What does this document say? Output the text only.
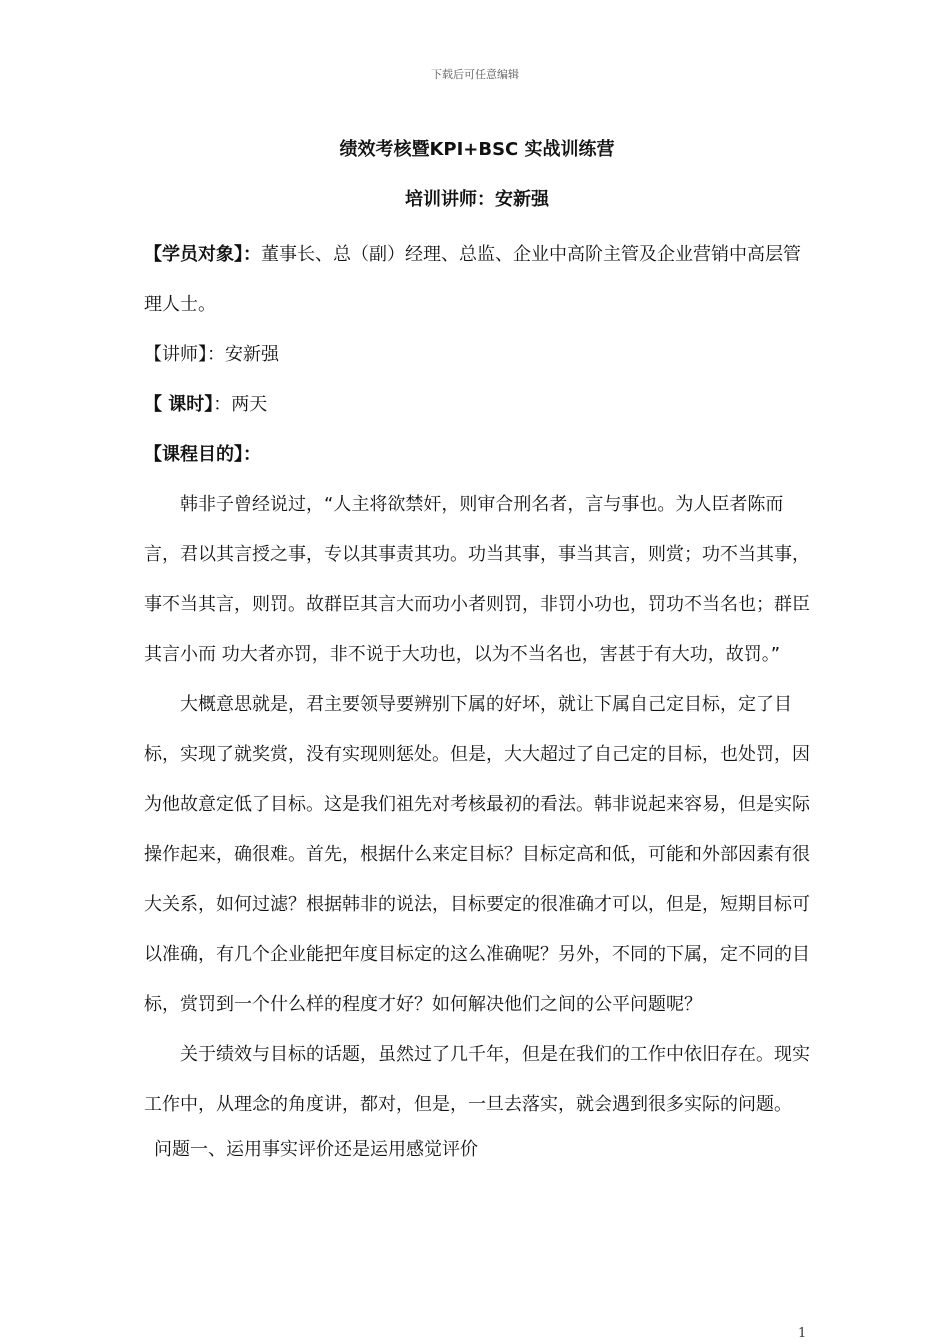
下载后可任意编辑
绩效考核暨KPI+BSC 实战训练营
培训讲师：安新强

【学员对象】：董事长、总（副）经理、总监、企业中高阶主管及企业营销中高层管理人士。

【讲师】：安新强

【 课时】：两天

【课程目的】：

韩非子曾经说过，“人主将欲禁奸，则审合刑名者，言与事也。为人臣者陈而言，君以其言授之事，专以其事责其功。功当其事，事当其言，则赏；功不当其事，事不当其言，则罚。故群臣其言大而功小者则罚，非罚小功也，罚功不当名也；群臣其言小而 功大者亦罚，非不说于大功也，以为不当名也，害甚于有大功，故罚。”

大概意思就是，君主要领导要辨别下属的好坏，就让下属自己定目标，定了目标，实现了就奖赏，没有实现则惩处。但是，大大超过了自己定的目标，也处罚，因为他故意定低了目标。这是我们祖先对考核最初的看法。韩非说起来容易，但是实际操作起来，确很难。首先，根据什么来定目标？目标定高和低，可能和外部因素有很大关系，如何过滤？根据韩非的说法，目标要定的很准确才可以，但是，短期目标可以准确，有几个企业能把年度目标定的这么准确呢？另外，不同的下属，定不同的目标，赏罚到一个什么样的程度才好？如何解决他们之间的公平问题呢？

关于绩效与目标的话题，虽然过了几千年，但是在我们的工作中依旧存在。现实工作中，从理念的角度讲，都对，但是，一旦去落实，就会遇到很多实际的问题。

问题一、运用事实评价还是运用感觉评价

1
